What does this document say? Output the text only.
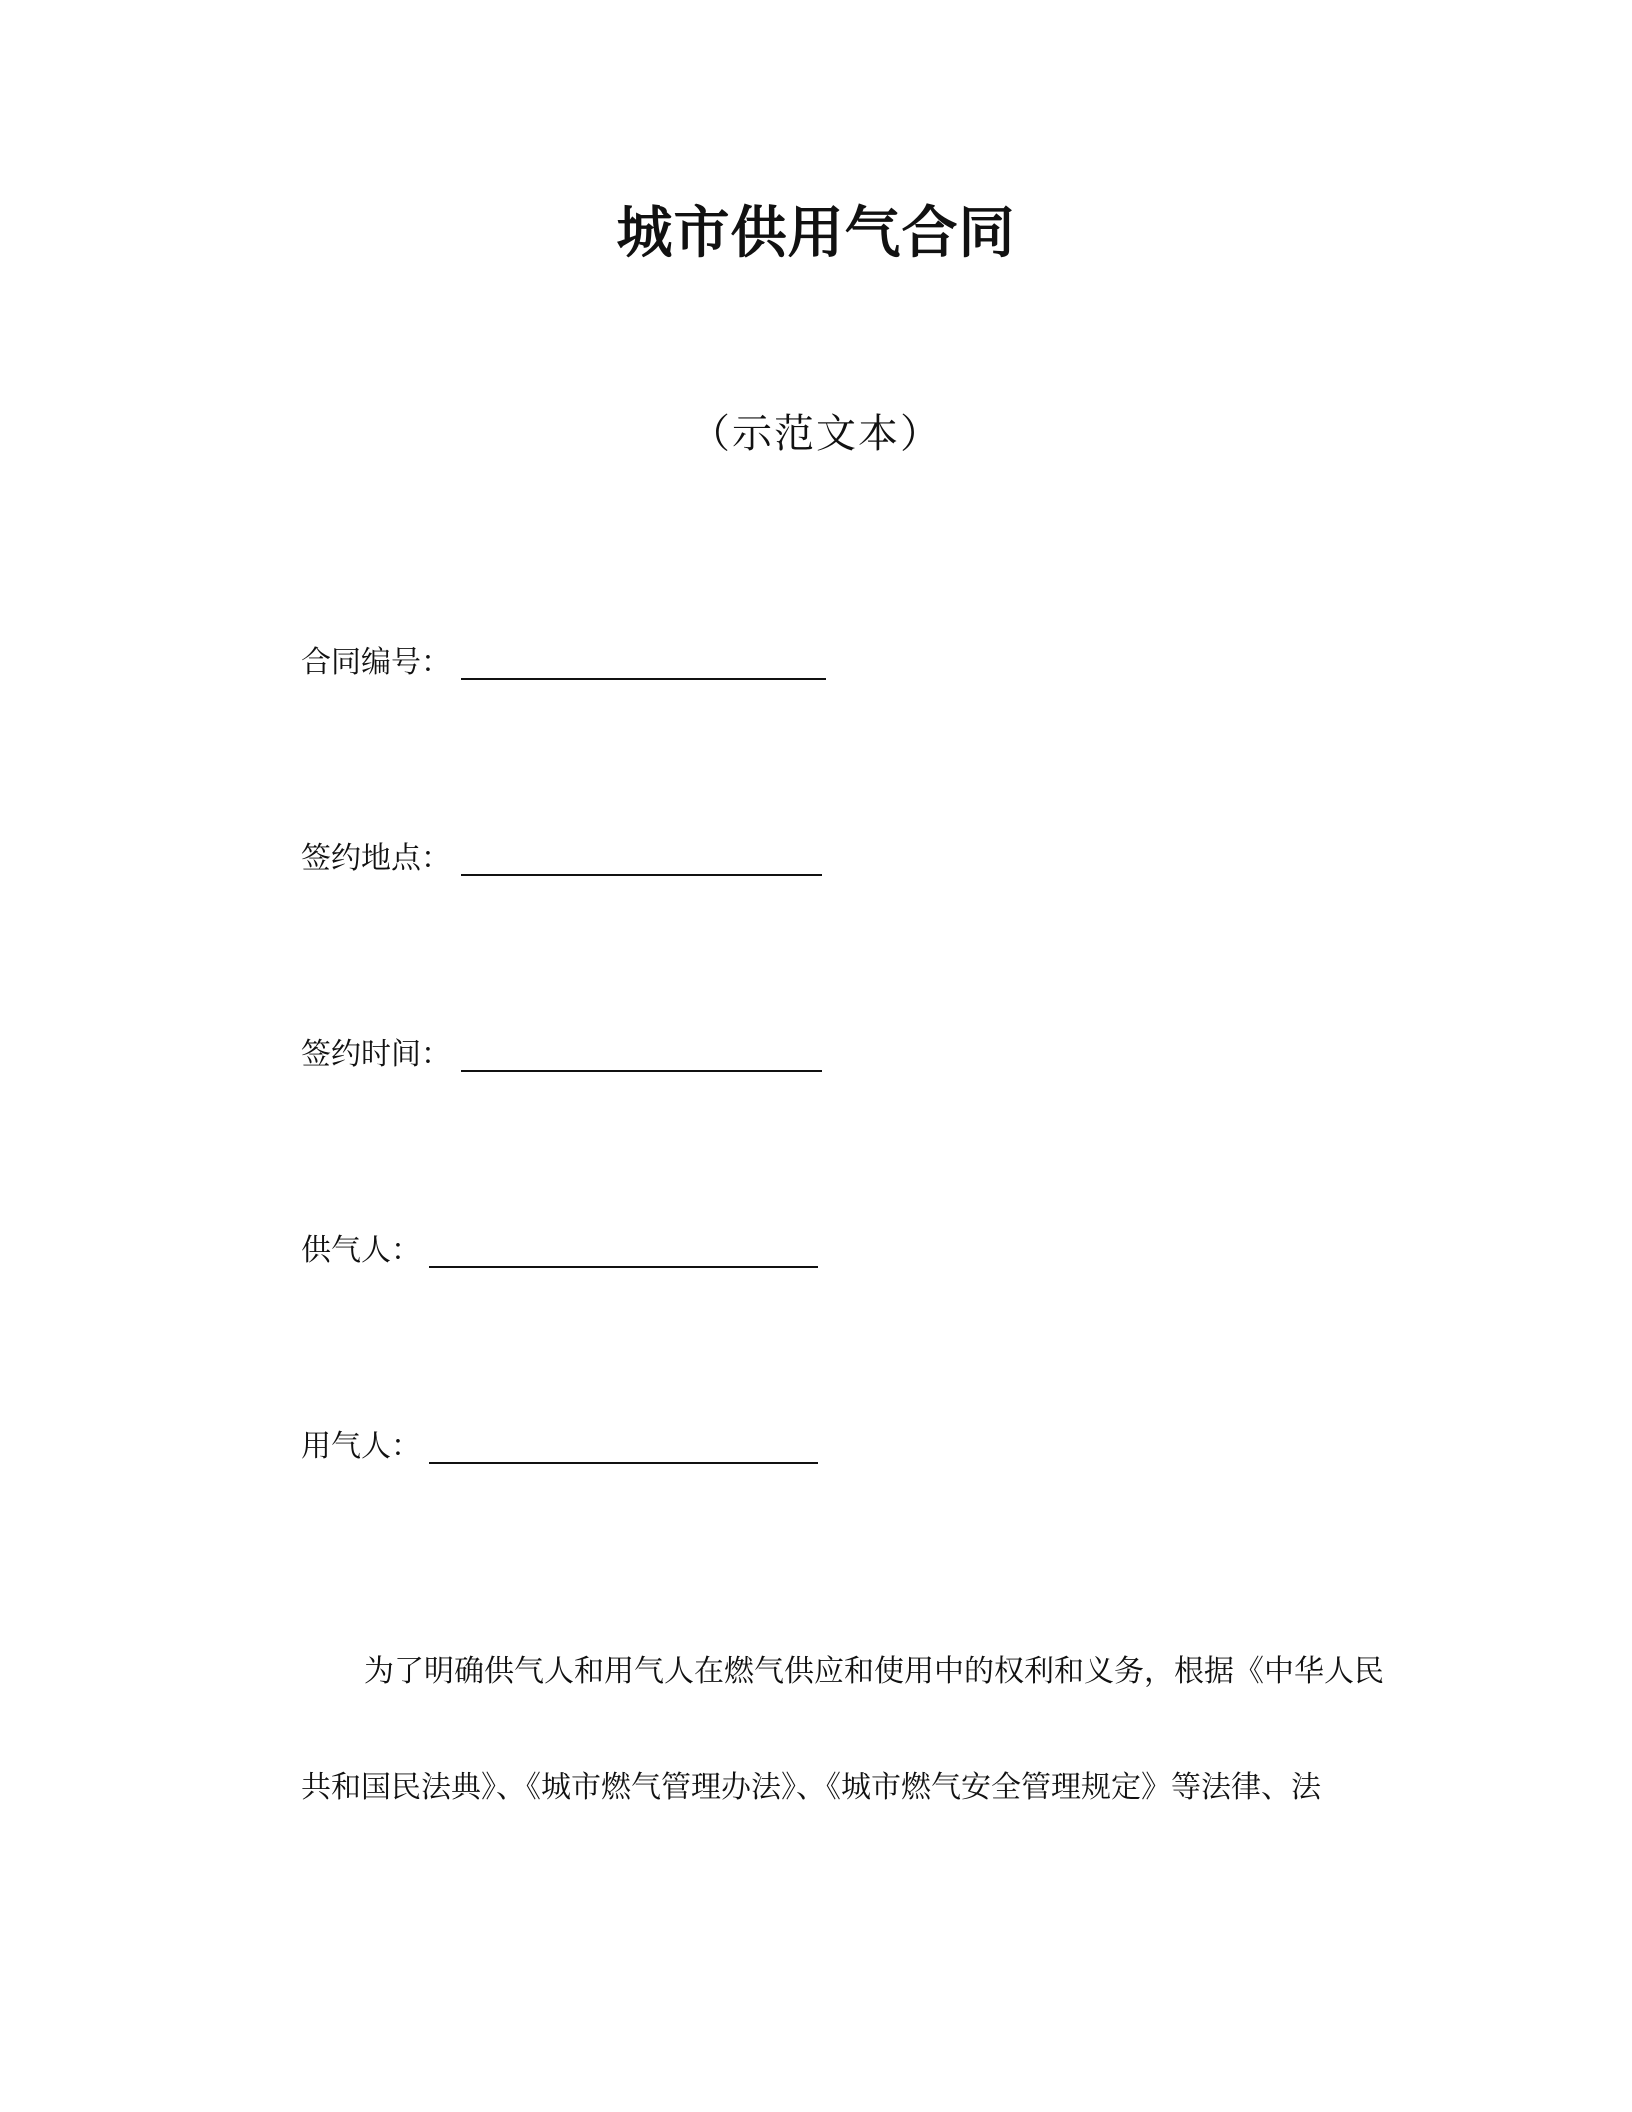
城市供用气合同
（示范文本）
合同编号：
签约地点：
签约时间：
供气人：
用气人：
为了明确供气人和用气人在燃气供应和使用中的权利和义务，根据《中华人民
共和国民法典》、《城市燃气管理办法》、《城市燃气安全管理规定》等法律、法
